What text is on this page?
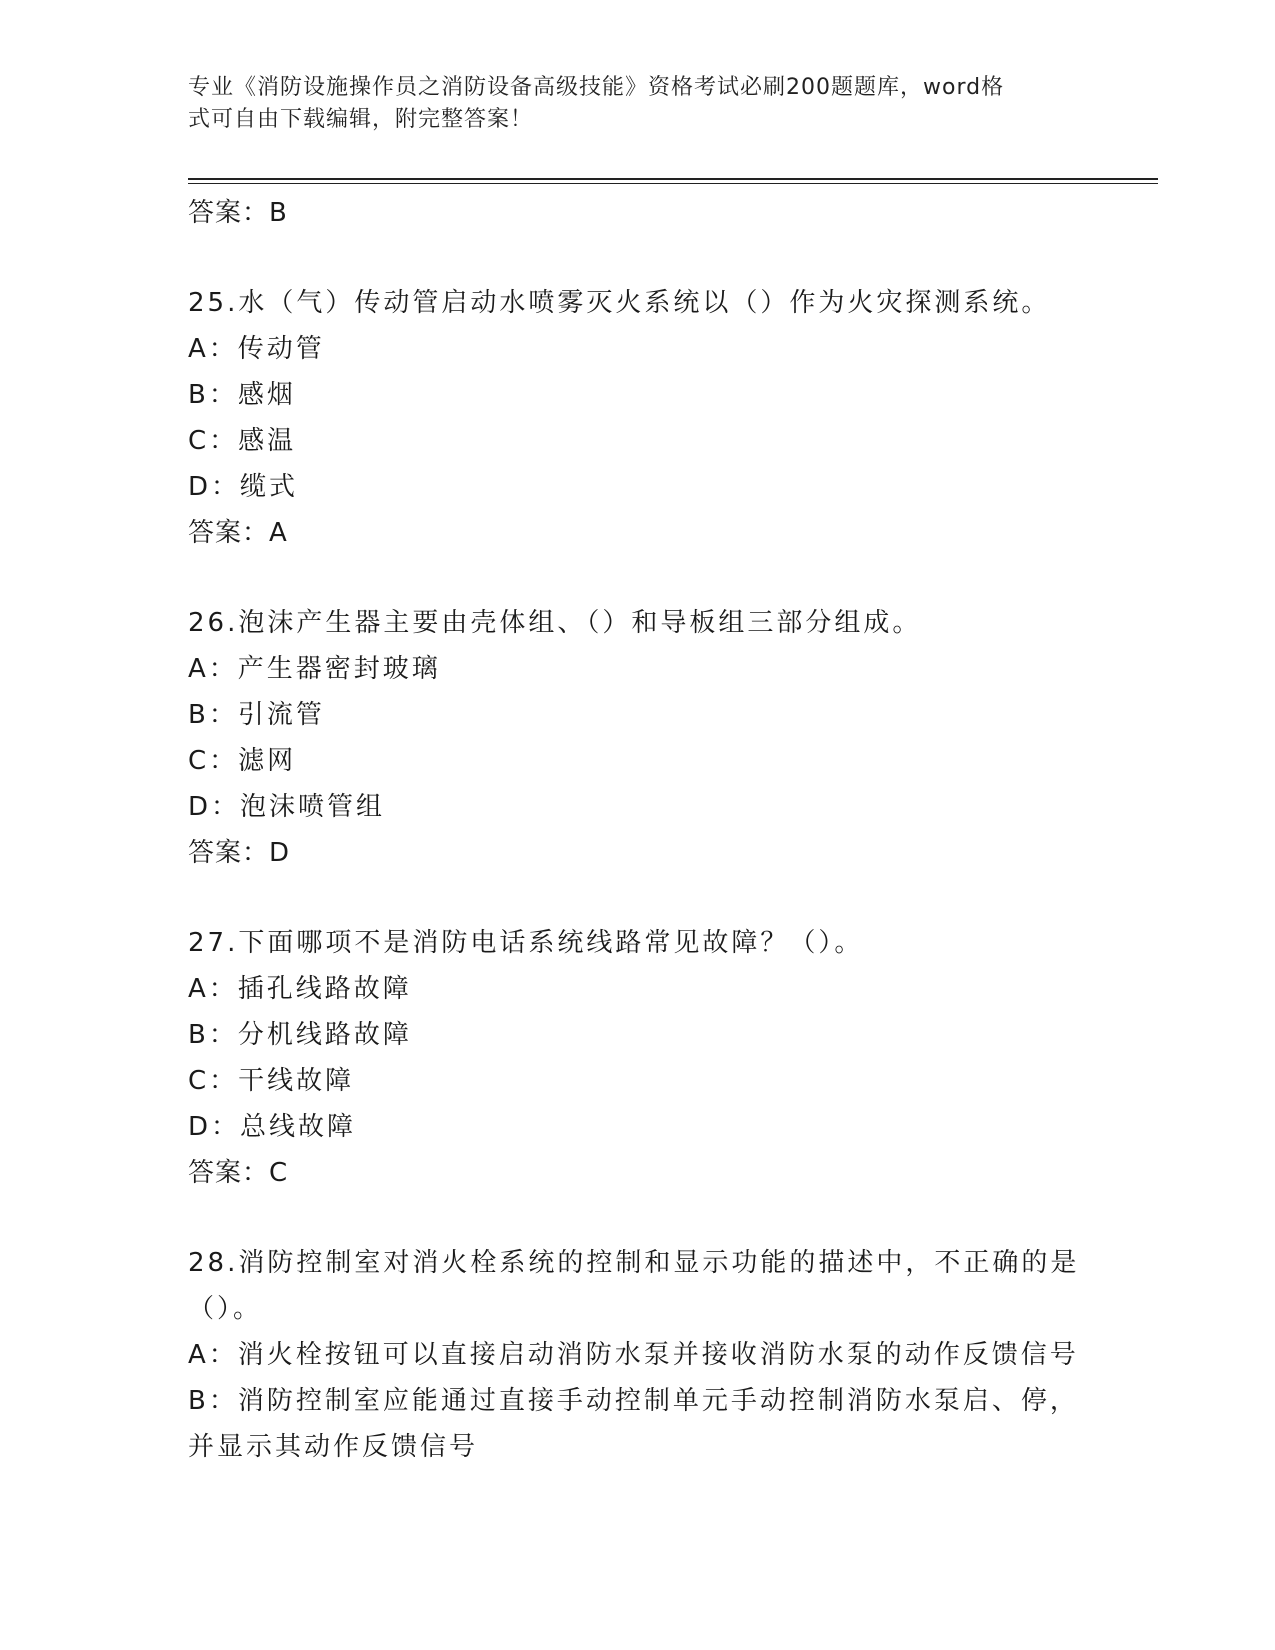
专业《消防设施操作员之消防设备高级技能》资格考试必刷200题题库，word格
式可自由下载编辑，附完整答案！
答案：B
25.水（气）传动管启动水喷雾灭火系统以（）作为火灾探测系统。
A：传动管
B：感烟
C：感温
D：缆式
答案：A
26.泡沫产生器主要由壳体组、（）和导板组三部分组成。
A：产生器密封玻璃
B：引流管
C：滤网
D：泡沫喷管组
答案：D
27.下面哪项不是消防电话系统线路常见故障？（）。
A：插孔线路故障
B：分机线路故障
C：干线故障
D：总线故障
答案：C
28.消防控制室对消火栓系统的控制和显示功能的描述中，不正确的是
（）。
A：消火栓按钮可以直接启动消防水泵并接收消防水泵的动作反馈信号
B：消防控制室应能通过直接手动控制单元手动控制消防水泵启、停，
并显示其动作反馈信号
